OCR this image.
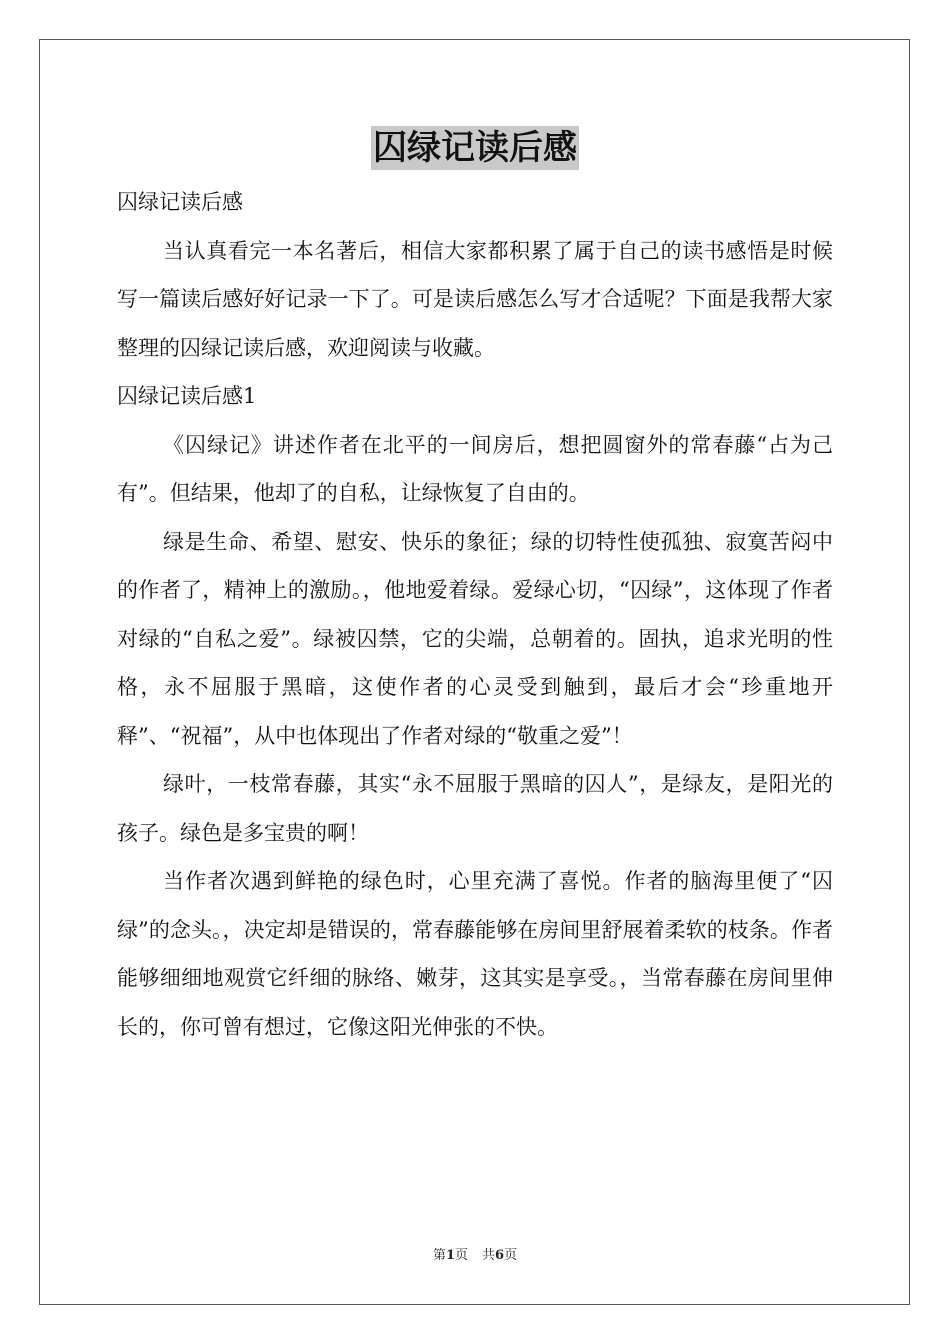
囚绿记读后感

囚绿记读后感

当认真看完一本名著后，相信大家都积累了属于自己的读书感悟是时候写一篇读后感好好记录一下了。可是读后感怎么写才合适呢？下面是我帮大家整理的囚绿记读后感，欢迎阅读与收藏。

囚绿记读后感1

《囚绿记》讲述作者在北平的一间房后，想把圆窗外的常春藤“占为己有”。但结果，他却了的自私，让绿恢复了自由的。

绿是生命、希望、慰安、快乐的象征；绿的切特性使孤独、寂寞苦闷中的作者了，精神上的激励。，他地爱着绿。爱绿心切，“囚绿”，这体现了作者对绿的“自私之爱”。绿被囚禁，它的尖端，总朝着的。固执，追求光明的性格，永不屈服于黑暗，这使作者的心灵受到触到，最后才会“珍重地开释”、“祝福”，从中也体现出了作者对绿的“敬重之爱”！

绿叶，一枝常春藤，其实“永不屈服于黑暗的囚人”，是绿友，是阳光的孩子。绿色是多宝贵的啊！

当作者次遇到鲜艳的绿色时，心里充满了喜悦。作者的脑海里便了“囚绿”的念头。，决定却是错误的，常春藤能够在房间里舒展着柔软的枝条。作者能够细细地观赏它纤细的脉络、嫩芽，这其实是享受。，当常春藤在房间里伸长的，你可曾有想过，它像这阳光伸张的不快。

第1页 共6页
